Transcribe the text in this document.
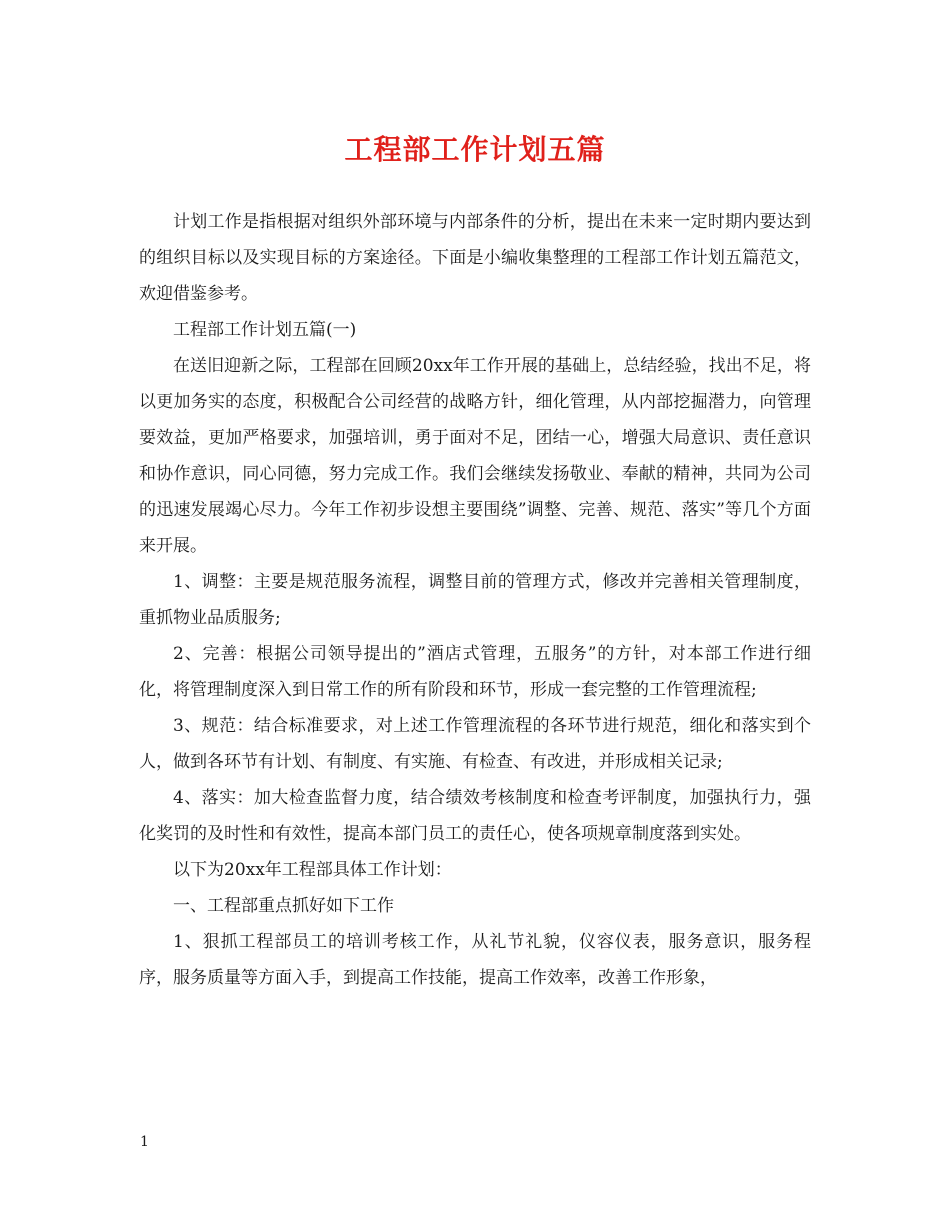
工程部工作计划五篇

计划工作是指根据对组织外部环境与内部条件的分析，提出在未来一定时期内要达到的组织目标以及实现目标的方案途径。下面是小编收集整理的工程部工作计划五篇范文，欢迎借鉴参考。

工程部工作计划五篇(一)

在送旧迎新之际，工程部在回顾20xx年工作开展的基础上，总结经验，找出不足，将以更加务实的态度，积极配合公司经营的战略方针，细化管理，从内部挖掘潜力，向管理要效益，更加严格要求，加强培训，勇于面对不足，团结一心，增强大局意识、责任意识和协作意识，同心同德，努力完成工作。我们会继续发扬敬业、奉献的精神，共同为公司的迅速发展竭心尽力。今年工作初步设想主要围绕”调整、完善、规范、落实”等几个方面来开展。

1、调整：主要是规范服务流程，调整目前的管理方式，修改并完善相关管理制度，重抓物业品质服务;

2、完善：根据公司领导提出的”酒店式管理，五服务”的方针，对本部工作进行细化，将管理制度深入到日常工作的所有阶段和环节，形成一套完整的工作管理流程;

3、规范：结合标准要求，对上述工作管理流程的各环节进行规范，细化和落实到个人，做到各环节有计划、有制度、有实施、有检查、有改进，并形成相关记录;

4、落实：加大检查监督力度，结合绩效考核制度和检查考评制度，加强执行力，强化奖罚的及时性和有效性，提高本部门员工的责任心，使各项规章制度落到实处。

以下为20xx年工程部具体工作计划：

一、工程部重点抓好如下工作

1、狠抓工程部员工的培训考核工作，从礼节礼貌，仪容仪表，服务意识，服务程序，服务质量等方面入手，到提高工作技能，提高工作效率，改善工作形象，

1
